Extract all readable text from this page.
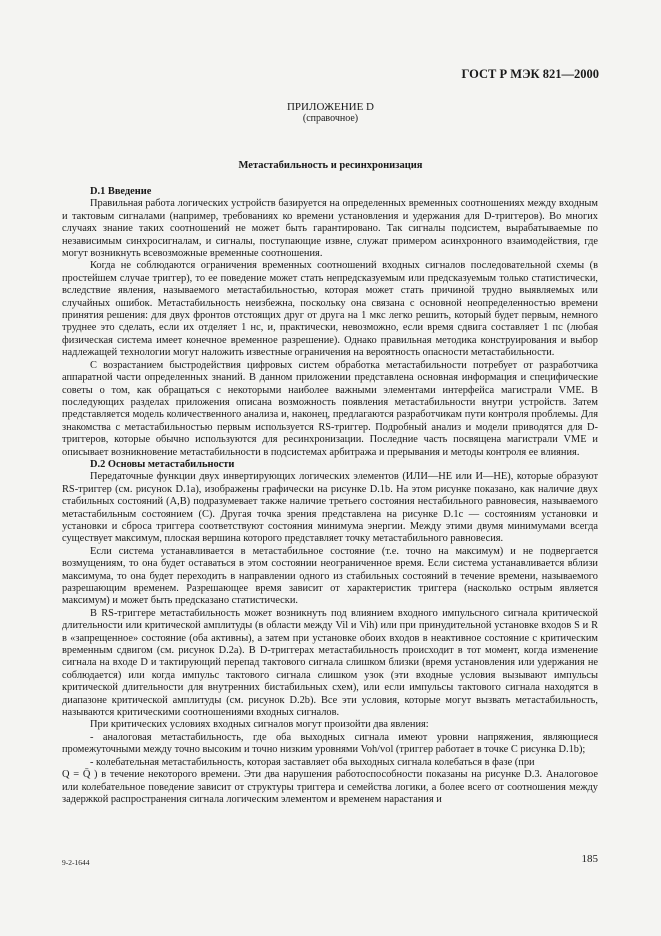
ГОСТ Р МЭК 821—2000
ПРИЛОЖЕНИЕ D
(справочное)
Метастабильность и ресинхронизация
D.1 Введение

Правильная работа логических устройств базируется на определенных временных соотношениях между входным и тактовым сигналами (например, требованиях ко времени установления и удержания для D-триггеров). Во многих случаях знание таких соотношений не может быть гарантировано. Так сигналы подсистем, вырабатываемые по независимым синхросигналам, и сигналы, поступающие извне, служат примером асинхронного взаимодействия, где могут возникнуть всевозможные временные соотношения.

Когда не соблюдаются ограничения временных соотношений входных сигналов последовательной схемы (в простейшем случае триггер), то ее поведение может стать непредсказуемым или предсказуемым только статистически, вследствие явления, называемого метастабильностью, которая может стать причиной трудно выявляемых или случайных ошибок. Метастабильность неизбежна, поскольку она связана с основной неопределенностью времени принятия решения: для двух фронтов отстоящих друг от друга на 1 мкс легко решить, который будет первым, немного труднее это сделать, если их отделяет 1 нс, и, практически, невозможно, если время сдвига составляет 1 пс (любая физическая система имеет конечное временное разрешение). Однако правильная методика конструирования и выбор надлежащей технологии могут наложить известные ограничения на вероятность опасности метастабильности.

С возрастанием быстродействия цифровых систем обработка метастабильности потребует от разработчика аппаратной части определенных знаний. В данном приложении представлена основная информация и специфические советы о том, как обращаться с некоторыми наиболее важными элементами интерфейса магистрали VME. В последующих разделах приложения описана возможность появления метастабильности внутри устройств. Затем представляется модель количественного анализа и, наконец, предлагаются разработчикам пути контроля проблемы. Для знакомства с метастабильностью первым используется RS-триггер. Подробный анализ и модели приводятся для D-триггеров, которые обычно используются для ресинхронизации. Последние часть посвящена магистрали VME и описывает возникновение метастабильности в подсистемах арбитража и прерывания и методы контроля ее влияния.

D.2 Основы метастабильности

Передаточные функции двух инвертирующих логических элементов (ИЛИ—НЕ или И—НЕ), которые образуют RS-триггер (см. рисунок D.1a), изображены графически на рисунке D.1b. На этом рисунке показано, как наличие двух стабильных состояний (A,B) подразумевает также наличие третьего состояния нестабильного равновесия, называемого метастабильным состоянием (C). Другая точка зрения представлена на рисунке D.1c — состояниям установки и установки и сброса триггера соответствуют состояния минимума энергии. Между этими двумя минимумами всегда существует максимум, плоская вершина которого представляет точку метастабильного равновесия.

Если система устанавливается в метастабильное состояние (т.е. точно на максимум) и не подвергается возмущениям, то она будет оставаться в этом состоянии неограниченное время. Если система устанавливается вблизи максимума, то она будет переходить в направлении одного из стабильных состояний в течение времени, называемого разрешающим временем. Разрешающее время зависит от характеристик триггера (насколько острым является максимум) и может быть предсказано статистически.

В RS-триггере метастабильность может возникнуть под влиянием входного импульсного сигнала критической длительности или критической амплитуды (в области между Vil и Vih) или при принудительной установке входов S и R в «запрещенное» состояние (оба активны), а затем при установке обоих входов в неактивное состояние с критическим временным сдвигом (см. рисунок D.2a). В D-триггерах метастабильность происходит в тот момент, когда изменение сигнала на входе D и тактирующий перепад тактового сигнала слишком близки (время установления или удержания не соблюдается) или когда импульс тактового сигнала слишком узок (эти входные условия вызывают импульсы критической длительности для внутренних бистабильных схем), или если импульсы тактового сигнала находятся в диапазоне критической амплитуды (см. рисунок D.2b). Все эти условия, которые могут вызвать метастабильность, называются критическими соотношениями входных сигналов.

При критических условиях входных сигналов могут произойти два явления:

- аналоговая метастабильность, где оба выходных сигнала имеют уровни напряжения, являющиеся промежуточными между точно высоким и точно низким уровнями Voh/vol (триггер работает в точке C рисунка D.1b);

- колебательная метастабильность, которая заставляет оба выходных сигнала колебаться в фазе (при

Q = Q̄ ) в течение некоторого времени. Эти два нарушения работоспособности показаны на рисунке D.3. Аналоговое или колебательное поведение зависит от структуры триггера и семейства логики, а более всего от соотношения между задержкой распространения сигнала логическим элементом и временем нарастания и

9-2-1644	185
